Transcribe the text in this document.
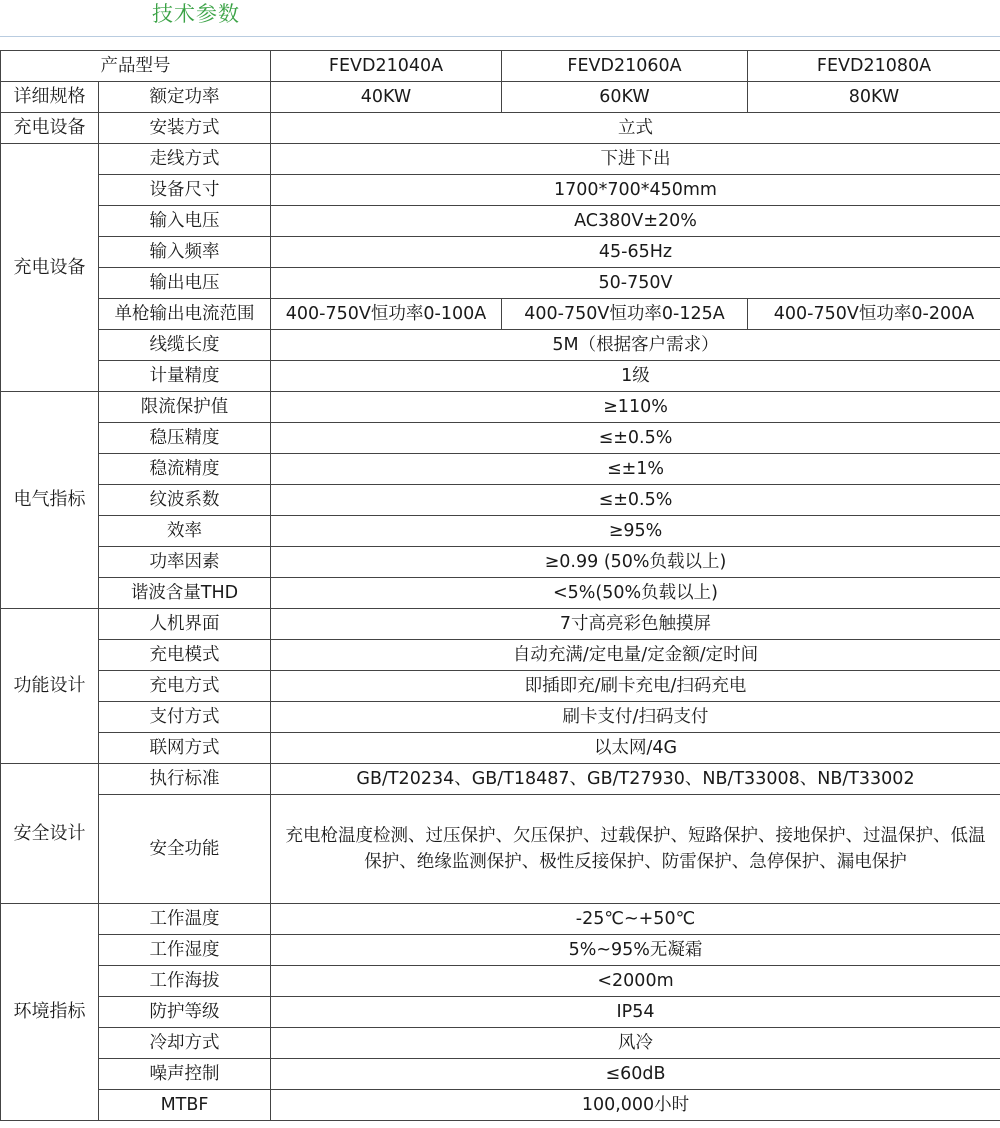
技术参数
产品型号		FEVD21040A	FEVD21060A	FEVD21080A
详细规格	额定功率	40KW	60KW	80KW
充电设备	安装方式	立式		
充电设备	走线方式	下进下出		
	设备尺寸	1700*700*450mm		
	输入电压	AC380V±20%		
	输入频率	45-65Hz		
	输出电压	50-750V		
	单枪输出电流范围	400-750V恒功率0-100A	400-750V恒功率0-125A	400-750V恒功率0-200A
	线缆长度	5M（根据客户需求）		
	计量精度	1级		
电气指标	限流保护值	≥110%		
	稳压精度	≤±0.5%		
	稳流精度	≤±1%		
	纹波系数	≤±0.5%		
	效率	≥95%		
	功率因素	≥0.99 (50%负载以上)		
	谐波含量THD	<5%(50%负载以上)		
功能设计	人机界面	7寸高亮彩色触摸屏		
	充电模式	自动充满/定电量/定金额/定时间		
	充电方式	即插即充/刷卡充电/扫码充电		
	支付方式	刷卡支付/扫码支付		
	联网方式	以太网/4G		
安全设计	执行标准	GB/T20234、GB/T18487、GB/T27930、NB/T33008、NB/T33002		
	安全功能	充电枪温度检测、过压保护、欠压保护、过载保护、短路保护、接地保护、过温保护、低温保护、绝缘监测保护、极性反接保护、防雷保护、急停保护、漏电保护		
环境指标	工作温度	-25℃~+50℃		
	工作湿度	5%~95%无凝霜		
	工作海拔	<2000m		
	防护等级	IP54		
	冷却方式	风冷		
	噪声控制	≤60dB		
	MTBF	100,000小时		
